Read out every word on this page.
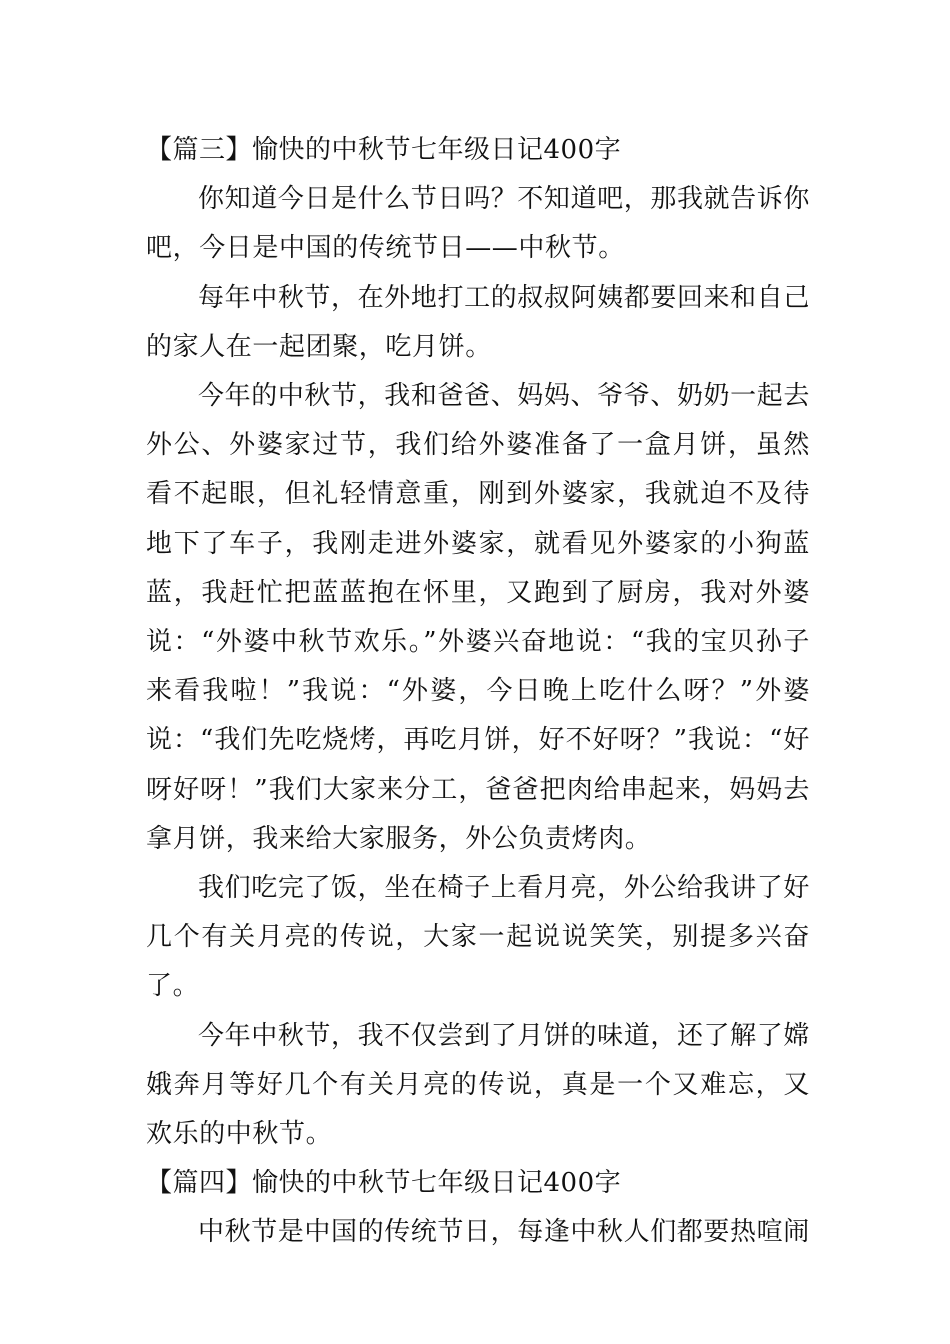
【篇三】愉快的中秋节七年级日记400字

你知道今日是什么节日吗？不知道吧，那我就告诉你吧，今日是中国的传统节日——中秋节。

每年中秋节，在外地打工的叔叔阿姨都要回来和自己的家人在一起团聚，吃月饼。

今年的中秋节，我和爸爸、妈妈、爷爷、奶奶一起去外公、外婆家过节，我们给外婆准备了一盒月饼，虽然看不起眼，但礼轻情意重，刚到外婆家，我就迫不及待地下了车子，我刚走进外婆家，就看见外婆家的小狗蓝蓝，我赶忙把蓝蓝抱在怀里，又跑到了厨房，我对外婆说：“外婆中秋节欢乐。”外婆兴奋地说：“我的宝贝孙子来看我啦！”我说：“外婆，今日晚上吃什么呀？”外婆说：“我们先吃烧烤，再吃月饼，好不好呀？”我说：“好呀好呀！”我们大家来分工，爸爸把肉给串起来，妈妈去拿月饼，我来给大家服务，外公负责烤肉。

我们吃完了饭，坐在椅子上看月亮，外公给我讲了好几个有关月亮的传说，大家一起说说笑笑，别提多兴奋了。

今年中秋节，我不仅尝到了月饼的味道，还了解了嫦娥奔月等好几个有关月亮的传说，真是一个又难忘，又欢乐的中秋节。

【篇四】愉快的中秋节七年级日记400字

中秋节是中国的传统节日，每逢中秋人们都要热喧闹
